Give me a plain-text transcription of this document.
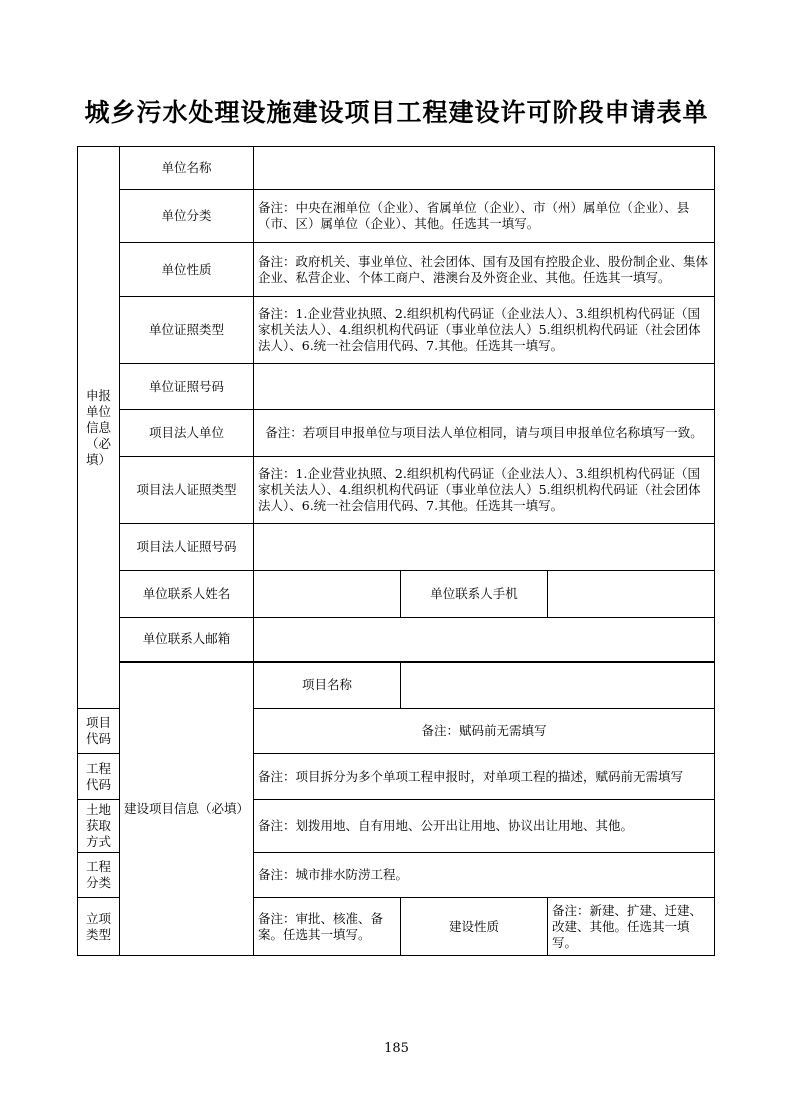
城乡污水处理设施建设项目工程建设许可阶段申请表单
申报单位信息（必填）	单位名称			
	单位分类	备注：中央在湘单位（企业）、省属单位（企业）、市（州）属单位（企业）、县（市、区）属单位（企业）、其他。任选其一填写。		
	单位性质	备注：政府机关、事业单位、社会团体、国有及国有控股企业、股份制企业、集体企业、私营企业、个体工商户、港澳台及外资企业、其他。任选其一填写。		
	单位证照类型	备注：1.企业营业执照、2.组织机构代码证（企业法人）、3.组织机构代码证（国家机关法人）、4.组织机构代码证（事业单位法人）5.组织机构代码证（社会团体法人）、6.统一社会信用代码、7.其他。任选其一填写。		
	单位证照号码			
	项目法人单位	备注：若项目申报单位与项目法人单位相同，请与项目申报单位名称填写一致。		
	项目法人证照类型	备注：1.企业营业执照、2.组织机构代码证（企业法人）、3.组织机构代码证（国家机关法人）、4.组织机构代码证（事业单位法人）5.组织机构代码证（社会团体法人）、6.统一社会信用代码、7.其他。任选其一填写。		
	项目法人证照号码			
	单位联系人姓名		单位联系人手机	
	单位联系人邮箱			
	建设项目信息（必填）	项目名称		
项目代码		备注：赋码前无需填写		
工程代码		备注：项目拆分为多个单项工程申报时，对单项工程的描述，赋码前无需填写		
土地获取方式		备注：划拨用地、自有用地、公开出让用地、协议出让用地、其他。		
工程分类		备注：城市排水防涝工程。		
立项类型		备注：审批、核准、备案。任选其一填写。	建设性质	备注：新建、扩建、迁建、改建、其他。任选其一填写。
185
